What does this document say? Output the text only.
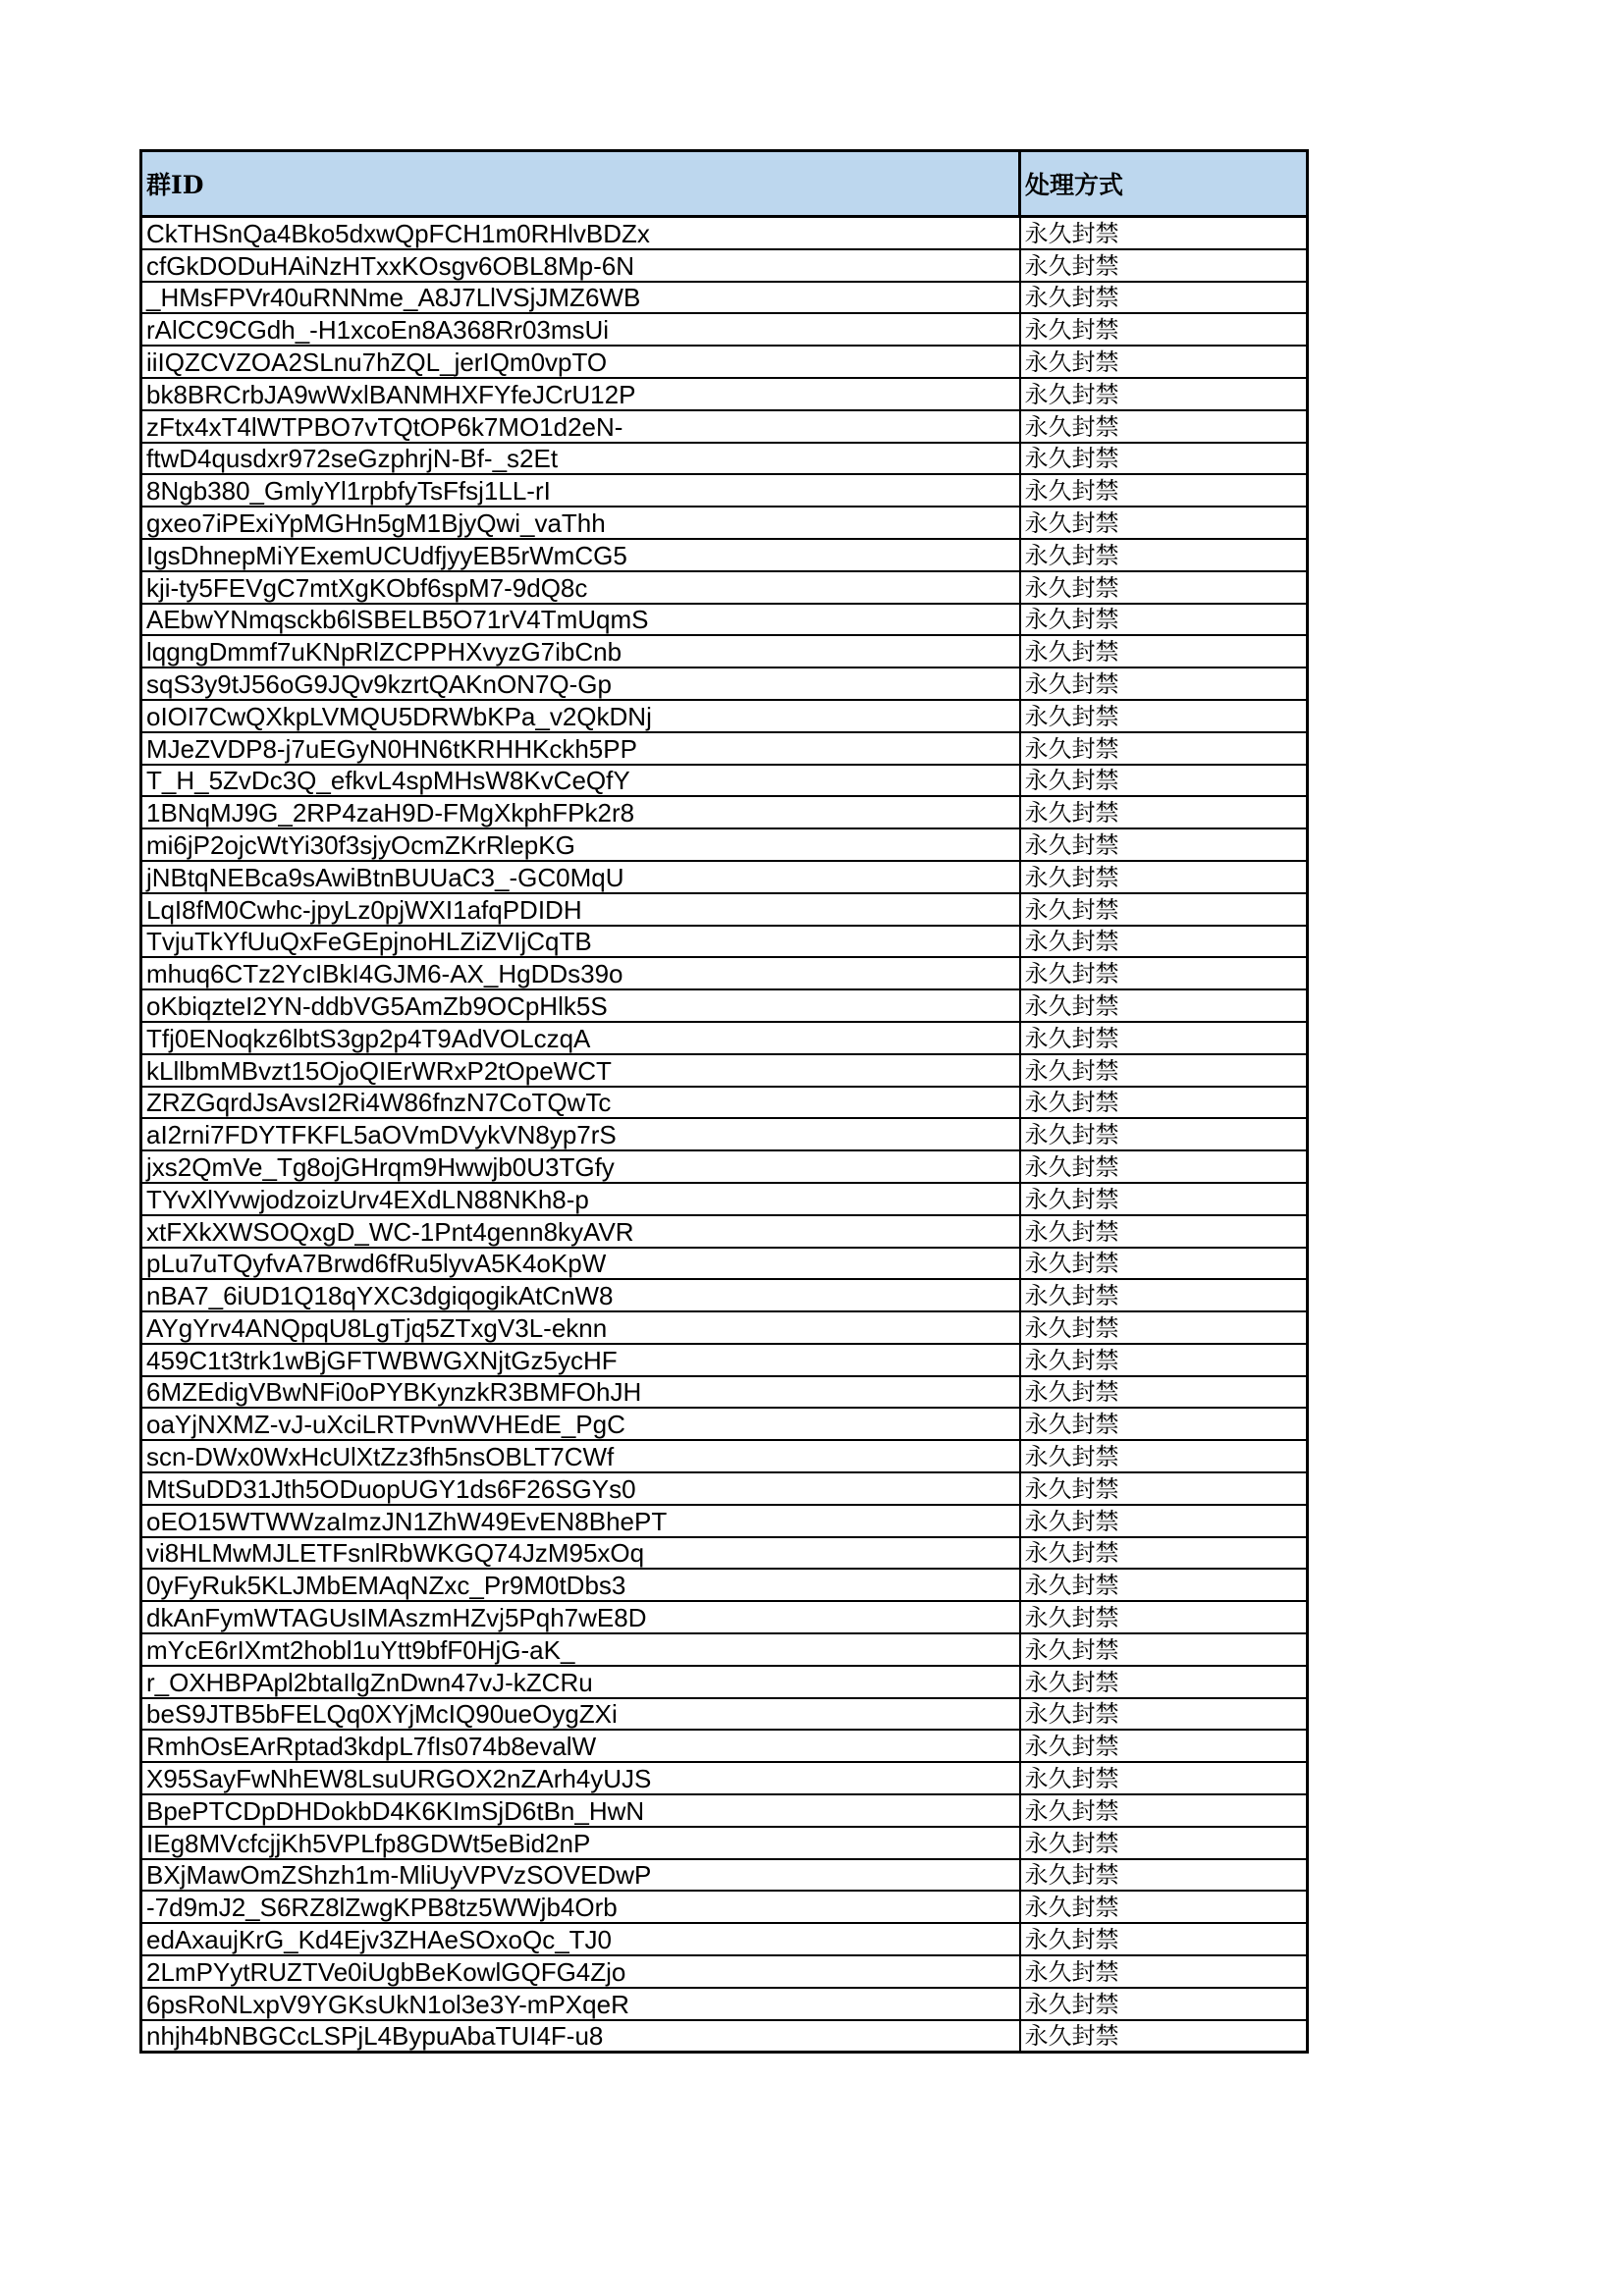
群ID	处理方式
CkTHSnQa4Bko5dxwQpFCH1m0RHlvBDZx	永久封禁
cfGkDODuHAiNzHTxxKOsgv6OBL8Mp-6N	永久封禁
_HMsFPVr40uRNNme_A8J7LlVSjJMZ6WB	永久封禁
rAlCC9CGdh_-H1xcoEn8A368Rr03msUi	永久封禁
iiIQZCVZOA2SLnu7hZQL_jerIQm0vpTO	永久封禁
bk8BRCrbJA9wWxlBANMHXFYfeJCrU12P	永久封禁
zFtx4xT4lWTPBO7vTQtOP6k7MO1d2eN-	永久封禁
ftwD4qusdxr972seGzphrjN-Bf-_s2Et	永久封禁
8Ngb380_GmlyYl1rpbfyTsFfsj1LL-rI	永久封禁
gxeo7iPExiYpMGHn5gM1BjyQwi_vaThh	永久封禁
IgsDhnepMiYExemUCUdfjyyEB5rWmCG5	永久封禁
kji-ty5FEVgC7mtXgKObf6spM7-9dQ8c	永久封禁
AEbwYNmqsckb6lSBELB5O71rV4TmUqmS	永久封禁
lqgngDmmf7uKNpRlZCPPHXvyzG7ibCnb	永久封禁
sqS3y9tJ56oG9JQv9kzrtQAKnON7Q-Gp	永久封禁
oIOI7CwQXkpLVMQU5DRWbKPa_v2QkDNj	永久封禁
MJeZVDP8-j7uEGyN0HN6tKRHHKckh5PP	永久封禁
T_H_5ZvDc3Q_efkvL4spMHsW8KvCeQfY	永久封禁
1BNqMJ9G_2RP4zaH9D-FMgXkphFPk2r8	永久封禁
mi6jP2ojcWtYi30f3sjyOcmZKrRlepKG	永久封禁
jNBtqNEBca9sAwiBtnBUUaC3_-GC0MqU	永久封禁
LqI8fM0Cwhc-jpyLz0pjWXI1afqPDIDH	永久封禁
TvjuTkYfUuQxFeGEpjnoHLZiZVIjCqTB	永久封禁
mhuq6CTz2YcIBkI4GJM6-AX_HgDDs39o	永久封禁
oKbiqzteI2YN-ddbVG5AmZb9OCpHlk5S	永久封禁
Tfj0ENoqkz6lbtS3gp2p4T9AdVOLczqA	永久封禁
kLllbmMBvzt15OjoQIErWRxP2tOpeWCT	永久封禁
ZRZGqrdJsAvsI2Ri4W86fnzN7CoTQwTc	永久封禁
aI2rni7FDYTFKFL5aOVmDVykVN8yp7rS	永久封禁
jxs2QmVe_Tg8ojGHrqm9Hwwjb0U3TGfy	永久封禁
TYvXlYvwjodzoizUrv4EXdLN88NKh8-p	永久封禁
xtFXkXWSOQxgD_WC-1Pnt4genn8kyAVR	永久封禁
pLu7uTQyfvA7Brwd6fRu5lyvA5K4oKpW	永久封禁
nBA7_6iUD1Q18qYXC3dgiqogikAtCnW8	永久封禁
AYgYrv4ANQpqU8LgTjq5ZTxgV3L-eknn	永久封禁
459C1t3trk1wBjGFTWBWGXNjtGz5ycHF	永久封禁
6MZEdigVBwNFi0oPYBKynzkR3BMFOhJH	永久封禁
oaYjNXMZ-vJ-uXciLRTPvnWVHEdE_PgC	永久封禁
scn-DWx0WxHcUlXtZz3fh5nsOBLT7CWf	永久封禁
MtSuDD31Jth5ODuopUGY1ds6F26SGYs0	永久封禁
oEO15WTWWzaImzJN1ZhW49EvEN8BhePT	永久封禁
vi8HLMwMJLETFsnlRbWKGQ74JzM95xOq	永久封禁
0yFyRuk5KLJMbEMAqNZxc_Pr9M0tDbs3	永久封禁
dkAnFymWTAGUsIMAszmHZvj5Pqh7wE8D	永久封禁
mYcE6rIXmt2hobl1uYtt9bfF0HjG-aK_	永久封禁
r_OXHBPApl2btaIlgZnDwn47vJ-kZCRu	永久封禁
beS9JTB5bFELQq0XYjMcIQ90ueOygZXi	永久封禁
RmhOsEArRptad3kdpL7fIs074b8evalW	永久封禁
X95SayFwNhEW8LsuURGOX2nZArh4yUJS	永久封禁
BpePTCDpDHDokbD4K6KImSjD6tBn_HwN	永久封禁
IEg8MVcfcjjKh5VPLfp8GDWt5eBid2nP	永久封禁
BXjMawOmZShzh1m-MliUyVPVzSOVEDwP	永久封禁
-7d9mJ2_S6RZ8lZwgKPB8tz5WWjb4Orb	永久封禁
edAxaujKrG_Kd4Ejv3ZHAeSOxoQc_TJ0	永久封禁
2LmPYytRUZTVe0iUgbBeKowlGQFG4Zjo	永久封禁
6psRoNLxpV9YGKsUkN1ol3e3Y-mPXqeR	永久封禁
nhjh4bNBGCcLSPjL4BypuAbaTUI4F-u8	永久封禁
